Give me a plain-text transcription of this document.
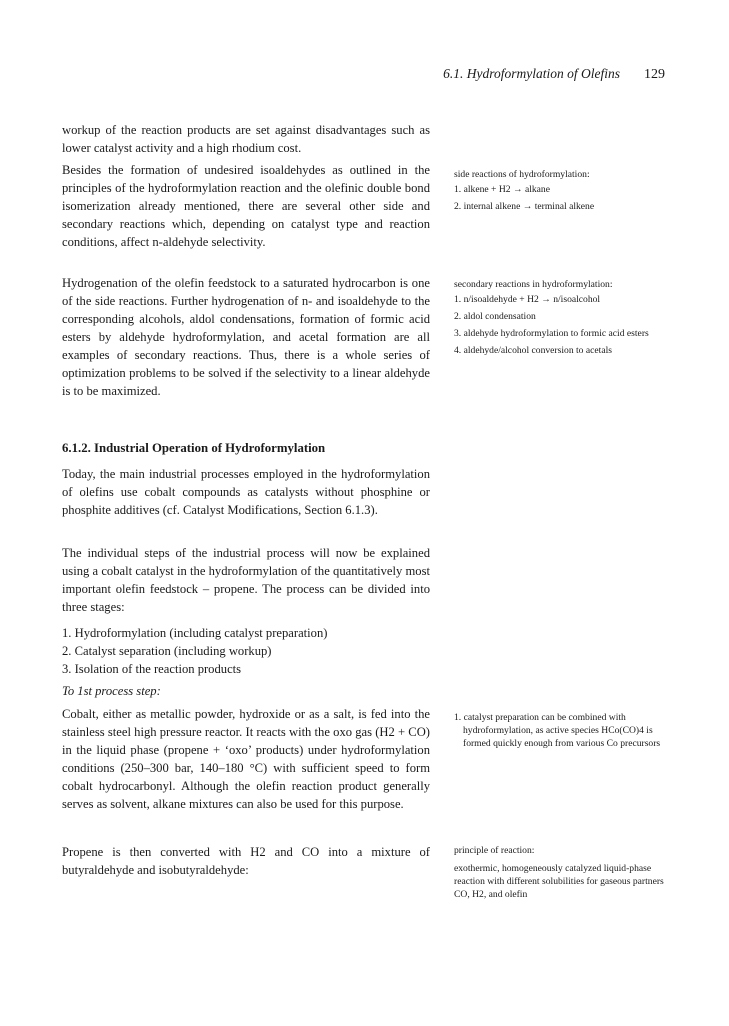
6.1. Hydroformylation of Olefins 129

workup of the reaction products are set against disadvantages such as lower catalyst activity and a high rhodium cost.

Besides the formation of undesired isoaldehydes as outlined in the principles of the hydroformylation reaction and the olefinic double bond isomerization already mentioned, there are several other side and secondary reactions which, depending on catalyst type and reaction conditions, affect n-aldehyde selectivity.

Hydrogenation of the olefin feedstock to a saturated hydrocarbon is one of the side reactions. Further hydrogenation of n- and isoaldehyde to the corresponding alcohols, aldol condensations, formation of formic acid esters by aldehyde hydroformylation, and acetal formation are all examples of secondary reactions. Thus, there is a whole series of optimization problems to be solved if the selectivity to a linear aldehyde is to be maximized.

6.1.2. Industrial Operation of Hydroformylation

Today, the main industrial processes employed in the hydroformylation of olefins use cobalt compounds as catalysts without phosphine or phosphite additives (cf. Catalyst Modifications, Section 6.1.3).

The individual steps of the industrial process will now be explained using a cobalt catalyst in the hydroformylation of the quantitatively most important olefin feedstock – propene. The process can be divided into three stages:

1. Hydroformylation (including catalyst preparation)
2. Catalyst separation (including workup)
3. Isolation of the reaction products
To 1st process step:

Cobalt, either as metallic powder, hydroxide or as a salt, is fed into the stainless steel high pressure reactor. It reacts with the oxo gas (H2 + CO) in the liquid phase (propene + ‘oxo’ products) under hydroformylation conditions (250–300 bar, 140–180 °C) with sufficient speed to form cobalt hydrocarbonyl. Although the olefin reaction product generally serves as solvent, alkane mixtures can also be used for this purpose.

Propene is then converted with H2 and CO into a mixture of butyraldehyde and isobutyraldehyde:

side reactions of hydroformylation:

1. alkene + H2 → alkane
2. internal alkene → terminal alkene

secondary reactions in hydroformylation:

1. n/isoaldehyde + H2 → n/isoalcohol
2. aldol condensation
3. aldehyde hydroformylation to formic acid esters
4. aldehyde/alcohol conversion to acetals

1. catalyst preparation can be combined with hydroformylation, as active species HCo(CO)4 is formed quickly enough from various Co precursors

principle of reaction:

exothermic, homogeneously catalyzed liquid-phase reaction with different solubilities for gaseous partners CO, H2, and olefin
